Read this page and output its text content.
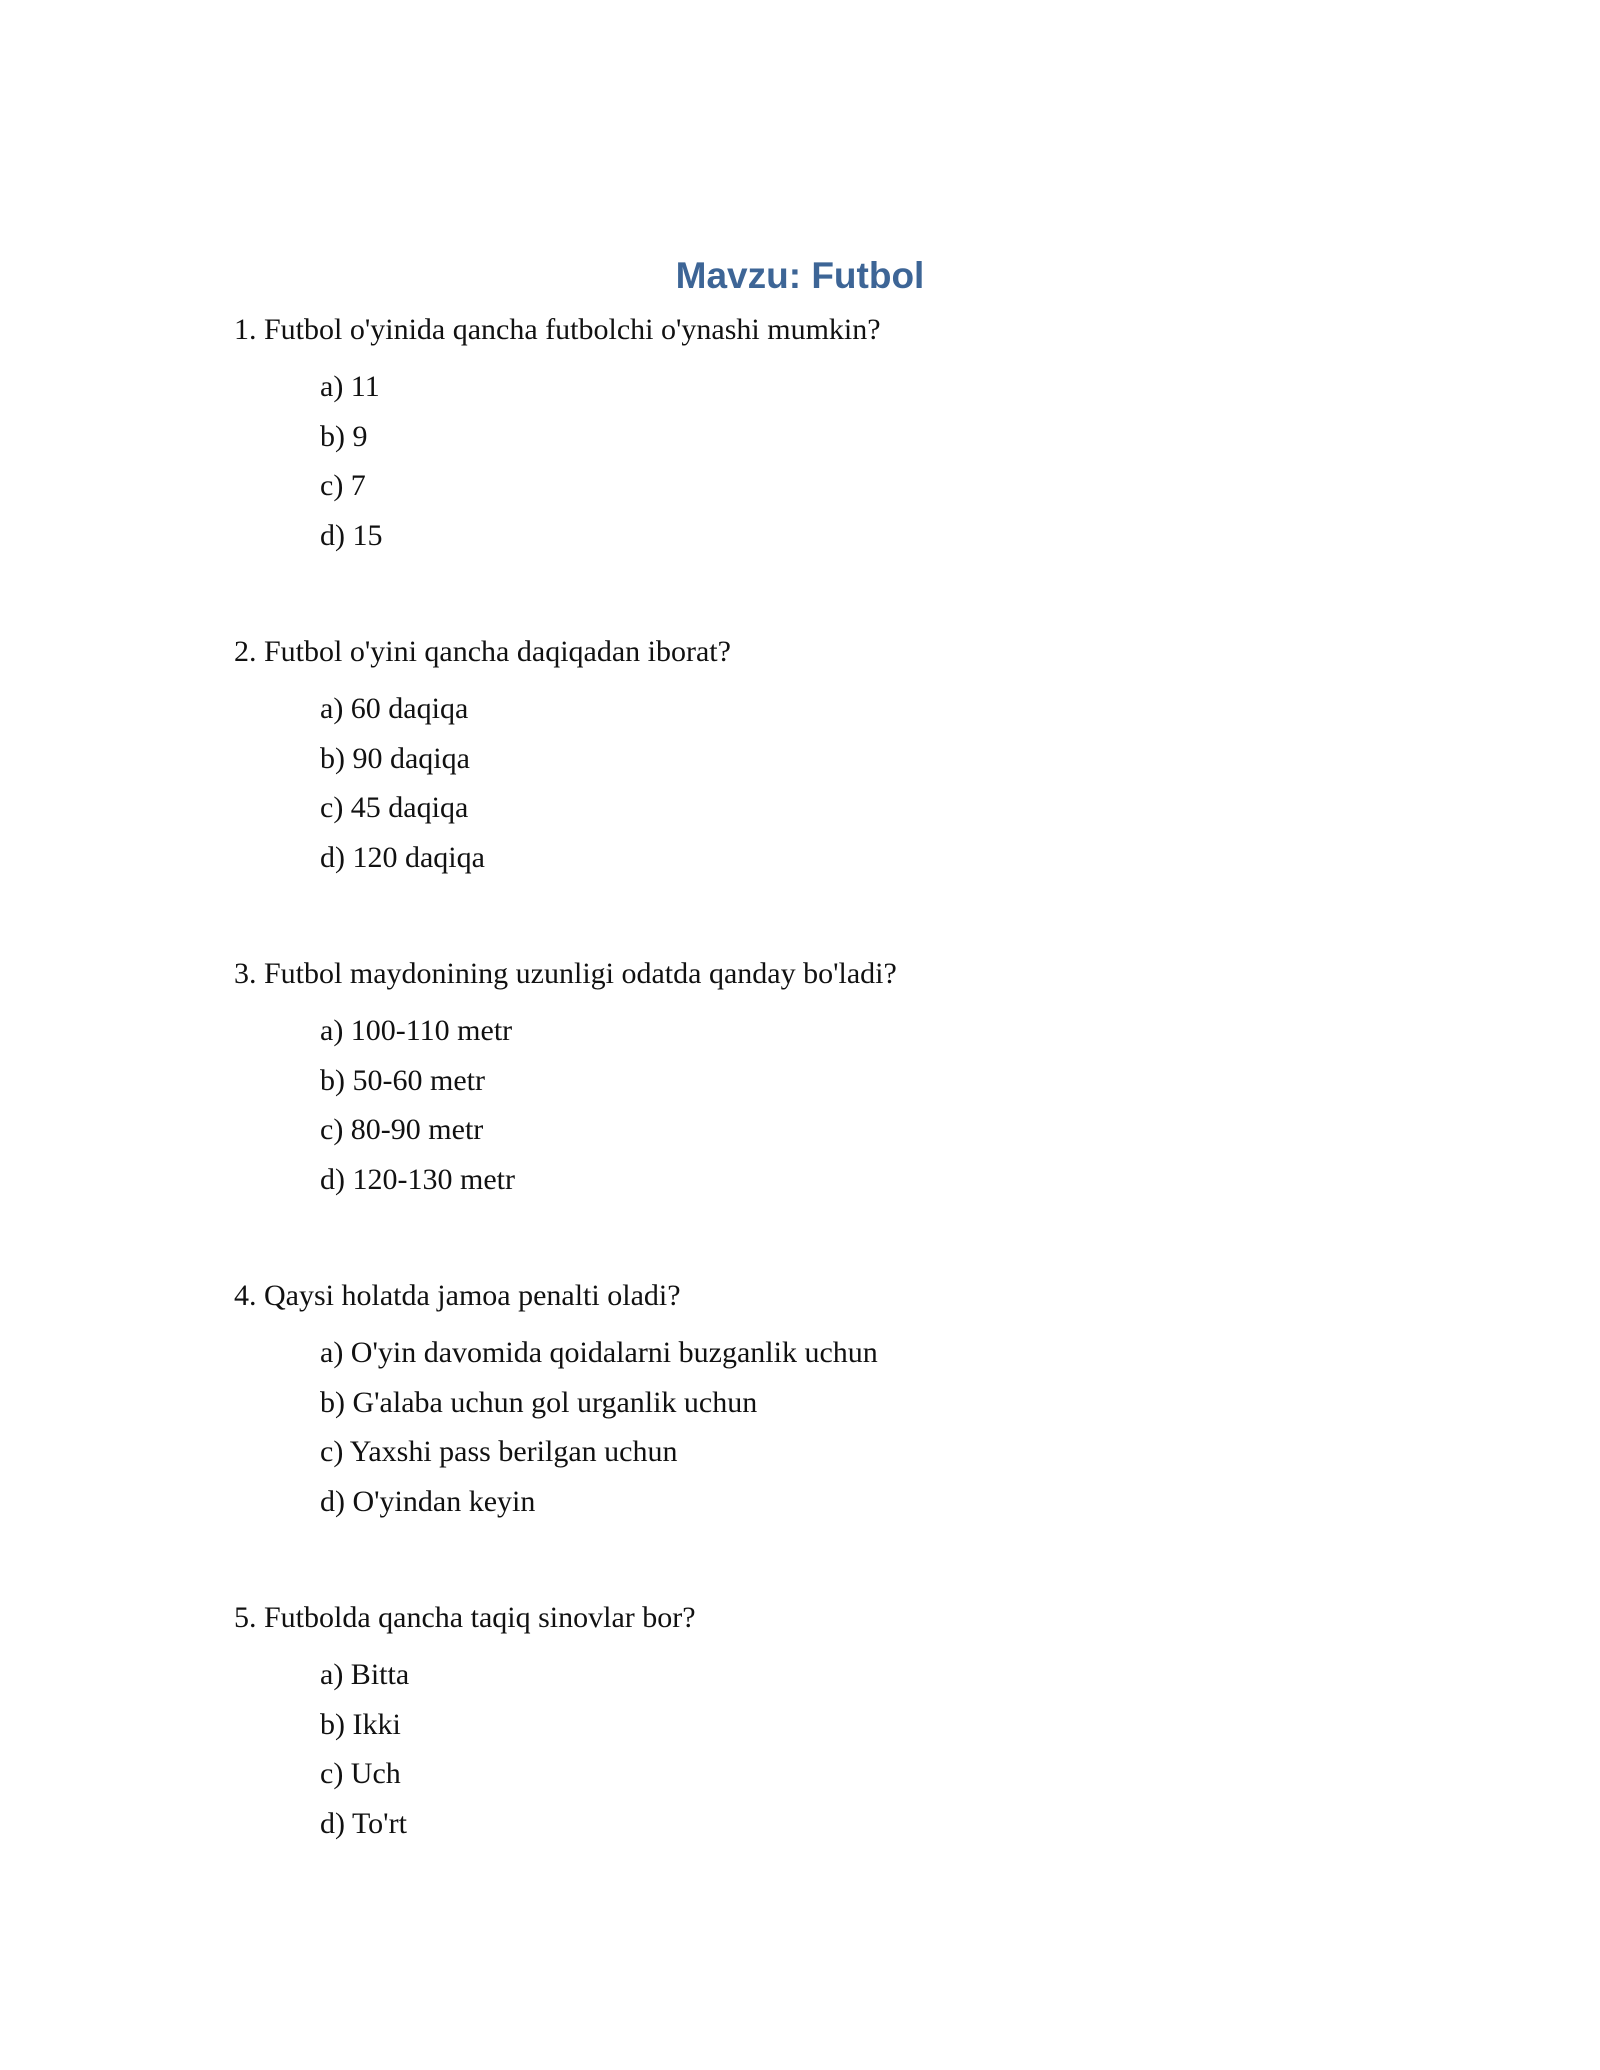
Mavzu: Futbol
1. Futbol o'yinida qancha futbolchi o'ynashi mumkin?
a) 11
b) 9
c) 7
d) 15
2. Futbol o'yini qancha daqiqadan iborat?
a) 60 daqiqa
b) 90 daqiqa
c) 45 daqiqa
d) 120 daqiqa
3. Futbol maydonining uzunligi odatda qanday bo'ladi?
a) 100-110 metr
b) 50-60 metr
c) 80-90 metr
d) 120-130 metr
4. Qaysi holatda jamoa penalti oladi?
a) O'yin davomida qoidalarni buzganlik uchun
b) G'alaba uchun gol urganlik uchun
c) Yaxshi pass berilgan uchun
d) O'yindan keyin
5. Futbolda qancha taqiq sinovlar bor?
a) Bitta
b) Ikki
c) Uch
d) To'rt
